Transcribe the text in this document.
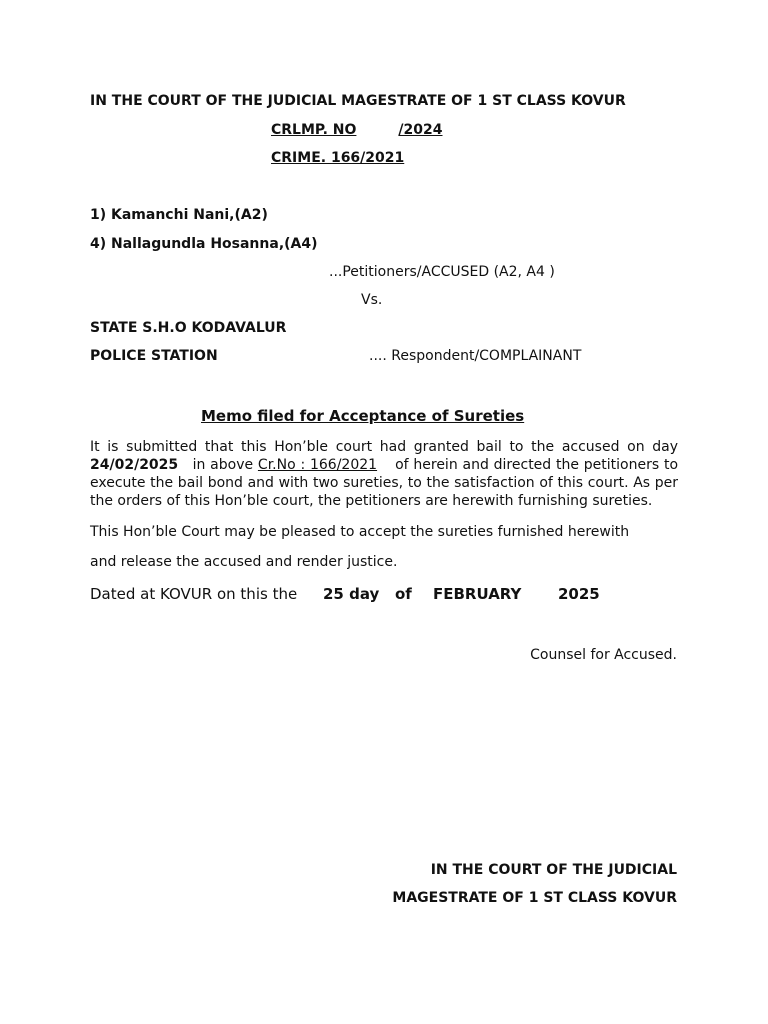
IN THE COURT OF THE JUDICIAL MAGESTRATE OF 1 ST CLASS KOVUR
CRLMP. NO	/2024
CRIME. 166/2021
1) Kamanchi Nani,(A2)
4) Nallagundla Hosanna,(A4)
...Petitioners/ACCUSED (A2, A4 )
Vs.
STATE S.H.O KODAVALUR
POLICE STATION	.... Respondent/COMPLAINANT
Memo filed for Acceptance of Sureties
It is submitted that this Hon’ble court had granted bail to the accused on day 24/02/2025   in above Cr.No : 166/2021 of herein and directed the petitioners to execute the bail bond and with two sureties, to the satisfaction of this court. As per the orders of this Hon’ble court, the petitioners are herewith furnishing sureties.
This Hon’ble Court may be pleased to accept the sureties furnished herewith
and release the accused and render justice.
Dated at KOVUR on this the 25 day of FEBRUARY 2025
Counsel for Accused.
IN THE COURT OF THE JUDICIAL
MAGESTRATE OF 1 ST CLASS KOVUR
